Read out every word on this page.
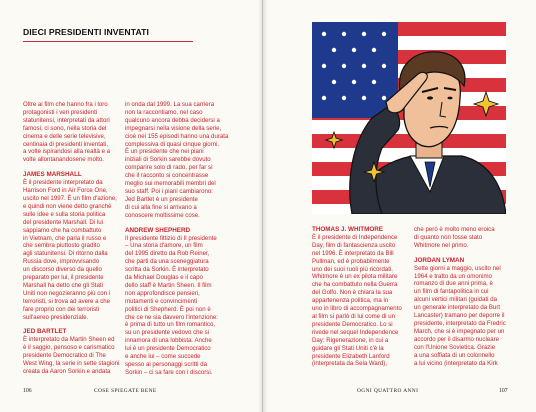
DIECI PRESIDENTI INVENTATI

Oltre ai film che hanno fra i loro

protagonisti i veri presidenti

statunitensi, interpretati da attori

famosi, ci sono, nella storia del

cinema e delle serie televisive,

centinaia di presidenti inventati,

a volte ispirandosi alla realtà e a

volte allontanandosene molto.

JAMES MARSHALL

È il presidente interpretato da

Harrison Ford in Air Force One,

uscito nel 1997. È un film d'azione,

e quindi non viene detto granché

sulle idee e sulla storia politica

del presidente Marshall. Di lui

sappiamo che ha combattuto

in Vietnam, che parla il russo e

che sembra piuttosto gradito

agli statunitensi. Di ritorno dalla

Russia dove, improvvisando

un discorso diverso da quello

preparato per lui, il presidente

Marshall ha detto che gli Stati

Uniti non negozieranno più con i

terroristi, si trova ad avere a che

fare proprio con dei terroristi

sull'aereo presidenziale.

JED BARTLET

È interpretato da Martin Sheen ed

è il saggio, pensoso e carismatico

presidente Democratico di The

West Wing, la serie in sette stagioni

creata da Aaron Sorkin e andata

in onda dal 1999. La sua carriera

non la raccontiamo, nel caso

qualcuno ancora debba decidersi a

impegnarsi nella visione della serie,

cioè nei 155 episodi hanno una durata

complessiva di quasi cinque giorni.

È un presidente che nei piani

iniziali di Sorkin sarebbe dovuto

comparire solo di rado, per far sì

che il racconto si concentrasse

meglio sui memorabili membri del

suo staff. Poi i piani cambiarono:

Jed Bartlet è un presidente

di cui alla fine si arrivano a

conoscere moltissime cose.

ANDREW SHEPHERD

Il presidente fittizio di Il presidente

– Una storia d'amore, un film

del 1995 diretto da Rob Reiner,

che parti da una sceneggiatura

scritta da Sorkin. È interpretato

da Michael Douglas e il capo

dello staff è Martin Sheen. Il film

non approfondisce pensieri,

mutamenti e convincimenti

politici di Shepherd. È poi non è

che ce ne sia davvero l'intenzione:

è prima di tutto un film romantico,

su un presidente vedovo che si

innamora di una lobbista. Anche

lui è un presidente Democratico

e anche lui – come succede

spesso ai personaggi scritti da

Sorkin – ci sa fare con i discorsi.

THOMAS J. WHITMORE

È il presidente di Independence

Day, film di fantascienza uscito

nel 1996. È interpretato da Bill

Pullman, ed è probabilmente

uno dei suoi ruoli più ricordati.

Whitmore è un ex pilota militare

che ha combattuto nella Guerra

del Golfo. Non è chiara la sua

appartenenza politica, ma in

uno in libro di accompagnamento

al film si parlò di lui come di un

presidente Democratico. Lo si

rivede nel sequel Independence

Day: Rigenerazione, in cui a

guidare gli Stati Uniti c'è la

presidente Elizabeth Lanford

(interpretata da Sela Ward),

che però è molto meno eroica

di quanto non fosse stato

Whitmore nel primo.

JORDAN LYMAN

Sette giorni a maggio, uscito nel

1964 e tratto da un omonimo

romanzo di due anni prima, è

un film di fantapolitica in cui

alcuni vertici militari (guidati da

un generale interpretato da Burt

Lancaster) tramano per deporre il

presidente, interpretato da Fredric

March, che si è impegnato per un

accordo per il disarmo nucleare

con l'Unione Sovietica. Grazie

a una soffiata di un colonnello

a lui vicino (interpretato da Kirk

106	COSE SPIEGATE BENE	OGNI QUATTRO ANNI	107
